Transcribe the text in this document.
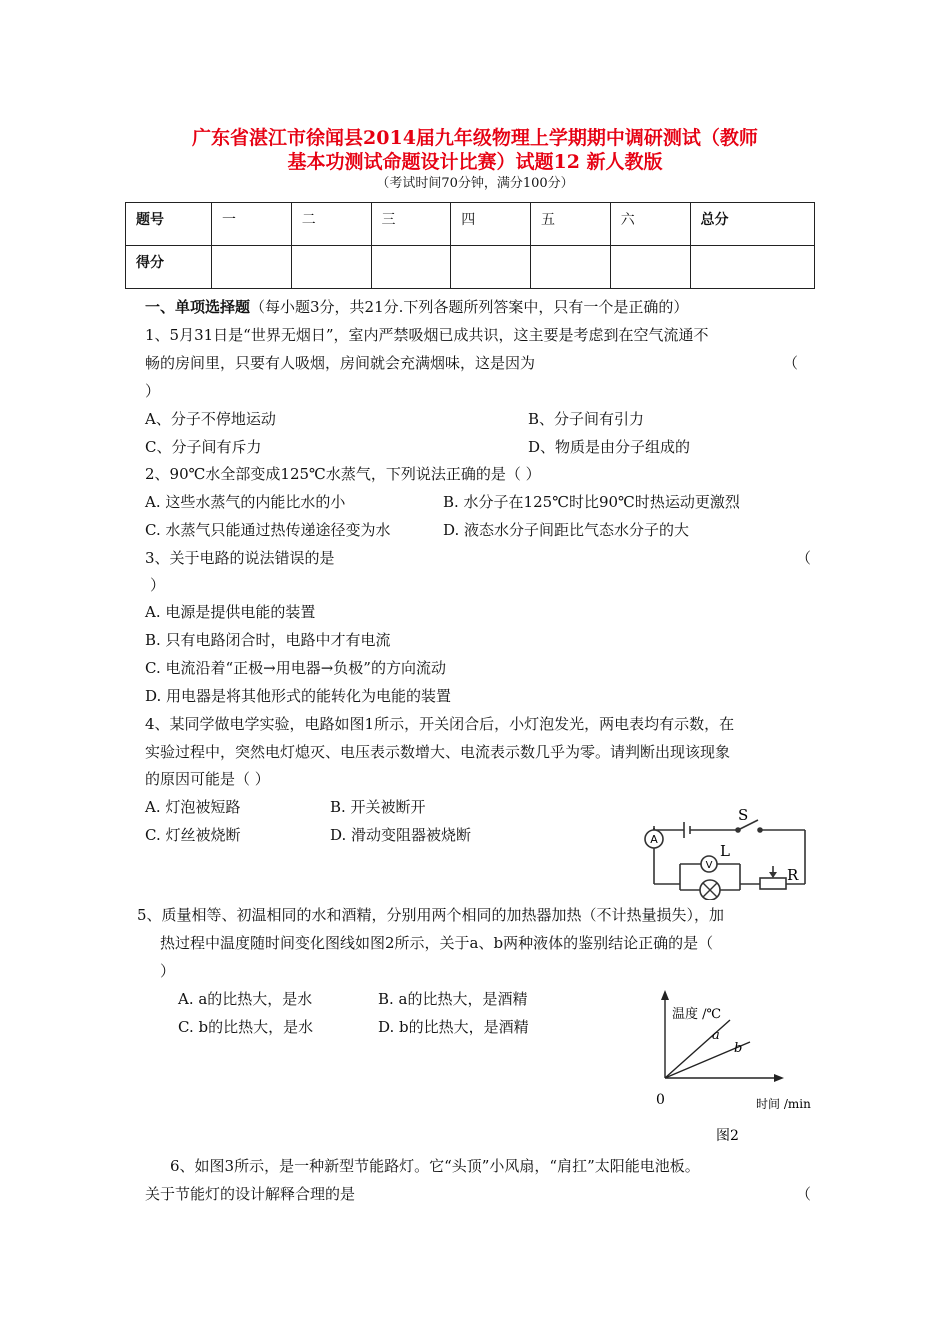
广东省湛江市徐闻县2014届九年级物理上学期期中调研测试（教师
基本功测试命题设计比赛）试题12 新人教版
（考试时间70分钟，满分100分）
题号	一	二	三	四	五	六	总分
得分							
一、单项选择题（每小题3分，共21分.下列各题所列答案中，只有一个是正确的）
1、5月31日是“世界无烟日”，室内严禁吸烟已成共识，这主要是考虑到在空气流通不
畅的房间里，只要有人吸烟，房间就会充满烟味，这是因为	（
）
A、分子不停地运动	B、分子间有引力
C、分子间有斥力	D、物质是由分子组成的
2、90℃水全部变成125℃水蒸气，下列说法正确的是（ ）
A. 这些水蒸气的内能比水的小	B. 水分子在125℃时比90℃时热运动更激烈
C. 水蒸气只能通过热传递途径变为水	D. 液态水分子间距比气态水分子的大
3、关于电路的说法错误的是	（
）
A. 电源是提供电能的装置
B. 只有电路闭合时，电路中才有电流
C. 电流沿着“正极→用电器→负极”的方向流动
D. 用电器是将其他形式的能转化为电能的装置
4、某同学做电学实验，电路如图1所示，开关闭合后，小灯泡发光，两电表均有示数，在
实验过程中，突然电灯熄灭、电压表示数增大、电流表示数几乎为零。请判断出现该现象
的原因可能是（ ）
A. 灯泡被短路	B. 开关被断开
C. 灯丝被烧断	D. 滑动变阻器被烧断	A
V
S
L
R
5、质量相等、初温相同的水和酒精，分别用两个相同的加热器加热（不计热量损失），加
热过程中温度随时间变化图线如图2所示，关于a、b两种液体的鉴别结论正确的是（
）
A. a的比热大，是水	B. a的比热大，是酒精
C. b的比热大，是水	D. b的比热大，是酒精
温度 /℃
a
b
0	时间 /min
图2
6、如图3所示，是一种新型节能路灯。它“头顶”小风扇，“肩扛”太阳能电池板。
关于节能灯的设计解释合理的是	（
